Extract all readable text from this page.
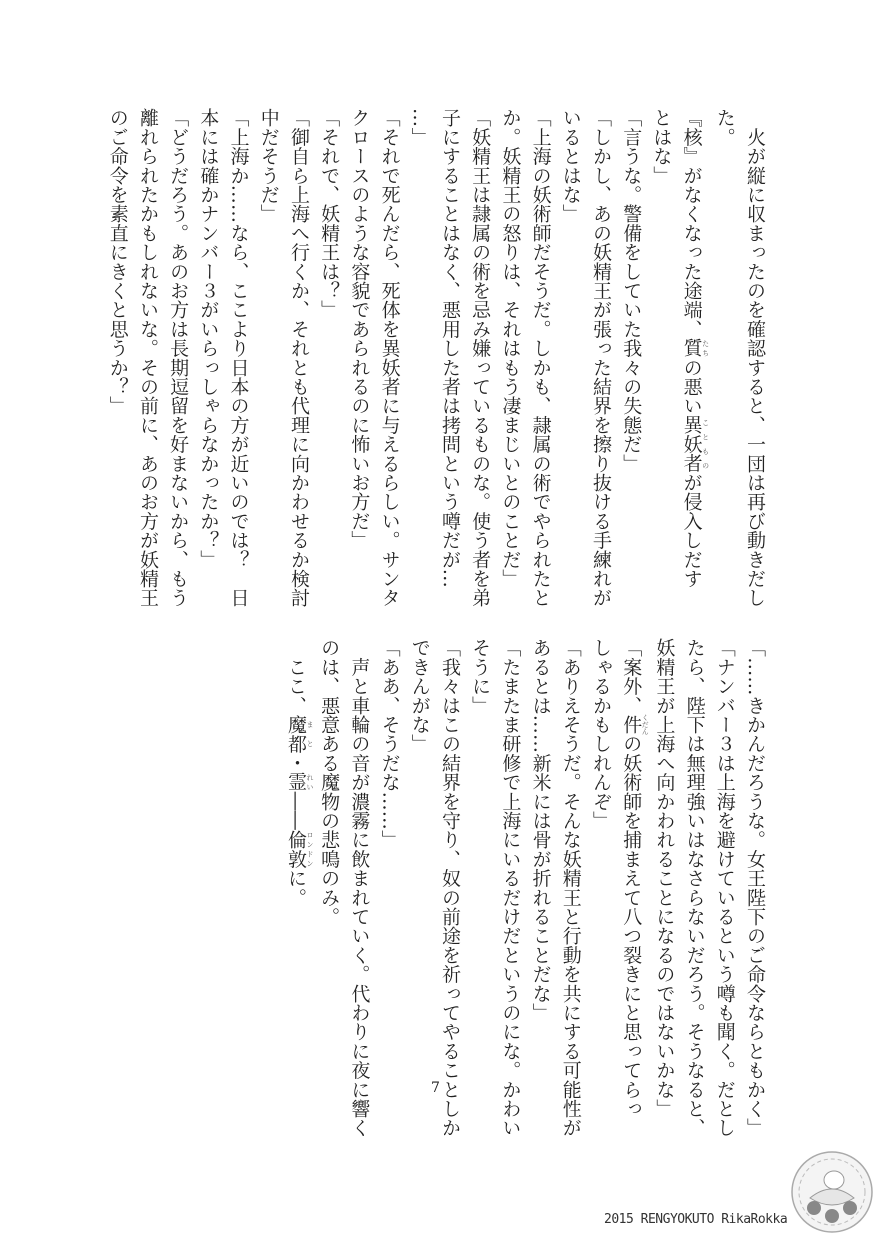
　火が縦に収まったのを確認すると、一団は再び動きだし
た。
『核』がなくなった途端、質 たちの悪い異妖者 ことものが侵入しだす
とはな」
「言うな。警備をしていた我々の失態だ」
「しかし、あの妖精王が張った結界を擦り抜ける手練れが
いるとはな」
「上海の妖術師だそうだ。しかも、隷属の術でやられたと
か。妖精王の怒りは、それはもう凄まじいとのことだ」
「妖精王は隷属の術を忌み嫌っているものな。使う者を弟
子にすることはなく、悪用した者は拷問という噂だが…
…」
「それで死んだら、死体を異妖者に与えるらしい。サンタ
クロースのような容貌であられるのに怖いお方だ」
「それで、妖精王は？」
「御自ら上海へ行くか、それとも代理に向かわせるか検討
中だそうだ」
「上海か……なら、ここより日本の方が近いのでは？　日
本には確かナンバー３がいらっしゃらなかったか？」
「どうだろう。あのお方は長期逗留を好まないから、もう
離れられたかもしれないな。その前に、あのお方が妖精王
のご命令を素直にきくと思うか？」
「……きかんだろうな。女王陛下のご命令ならともかく」
「ナンバー３は上海を避けているという噂も聞く。だとし
たら、陛下は無理強いはなさらないだろう。そうなると、
妖精王が上海へ向かわれることになるのではないかな」
「案外、件 くだんの妖術師を捕まえて八つ裂きにと思ってらっ
しゃるかもしれんぞ」
「ありえそうだ。そんな妖精王と行動を共にする可能性が
あるとは……新米には骨が折れることだな」
「たまたま研修で上海にいるだけだというのにな。かわい
そうに」
「我々はこの結界を守り、奴の前途を祈ってやることしか
できんがな」
「ああ、そうだな……」
　声と車輪の音が濃霧に飲まれていく。代わりに夜に響く
のは、悪意ある魔物の悲鳴のみ。
　ここ、魔都 まと・霊 れい――倫敦 ロンドンに。
7
2015 RENGYOKUTO RikaRokka
